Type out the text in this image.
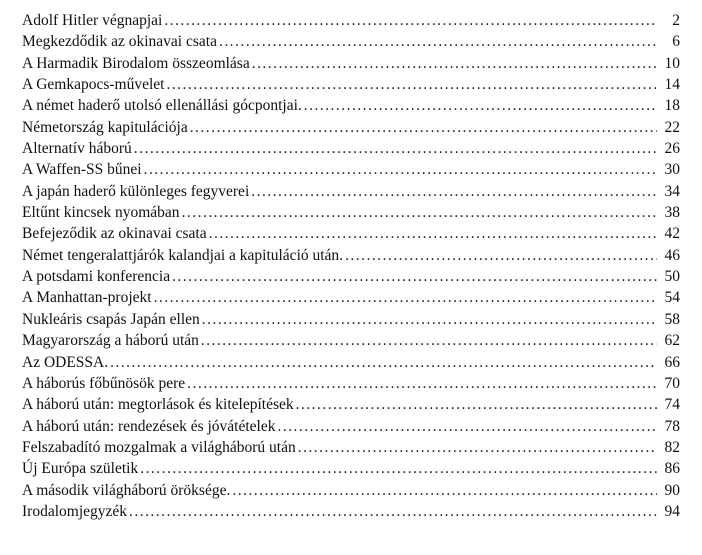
Adolf Hitler végnapjai . . .	2
Megkezdődik az okinavai csata . . .	6
A Harmadik Birodalom összeomlása . . .	10
A Gemkapocs-művelet . . .	14
A német haderő utolsó ellenállási gócpontjai. . . .	18
Németország kapitulációja . . .	22
Alternatív háború . . .	26
A Waffen-SS bűnei . . .	30
A japán haderő különleges fegyverei . . .	34
Eltűnt kincsek nyomában . . .	38
Befejeződik az okinavai csata . . .	42
Német tengeralattjárók kalandjai a kapituláció után. . . .	46
A potsdami konferencia . . .	50
A Manhattan-projekt . . .	54
Nukleáris csapás Japán ellen . . .	58
Magyarország a háború után . . .	62
Az ODESSA. . . .	66
A háborús főbűnösök pere . . .	70
A háború után: megtorlások és kitelepítések . . .	74
A háború után: rendezések és jóvátételek . . .	78
Felszabadító mozgalmak a világháború után . . .	82
Új Európa születik . . .	86
A második világháború öröksége. . . .	90
Irodalomjegyzék . . .	94
